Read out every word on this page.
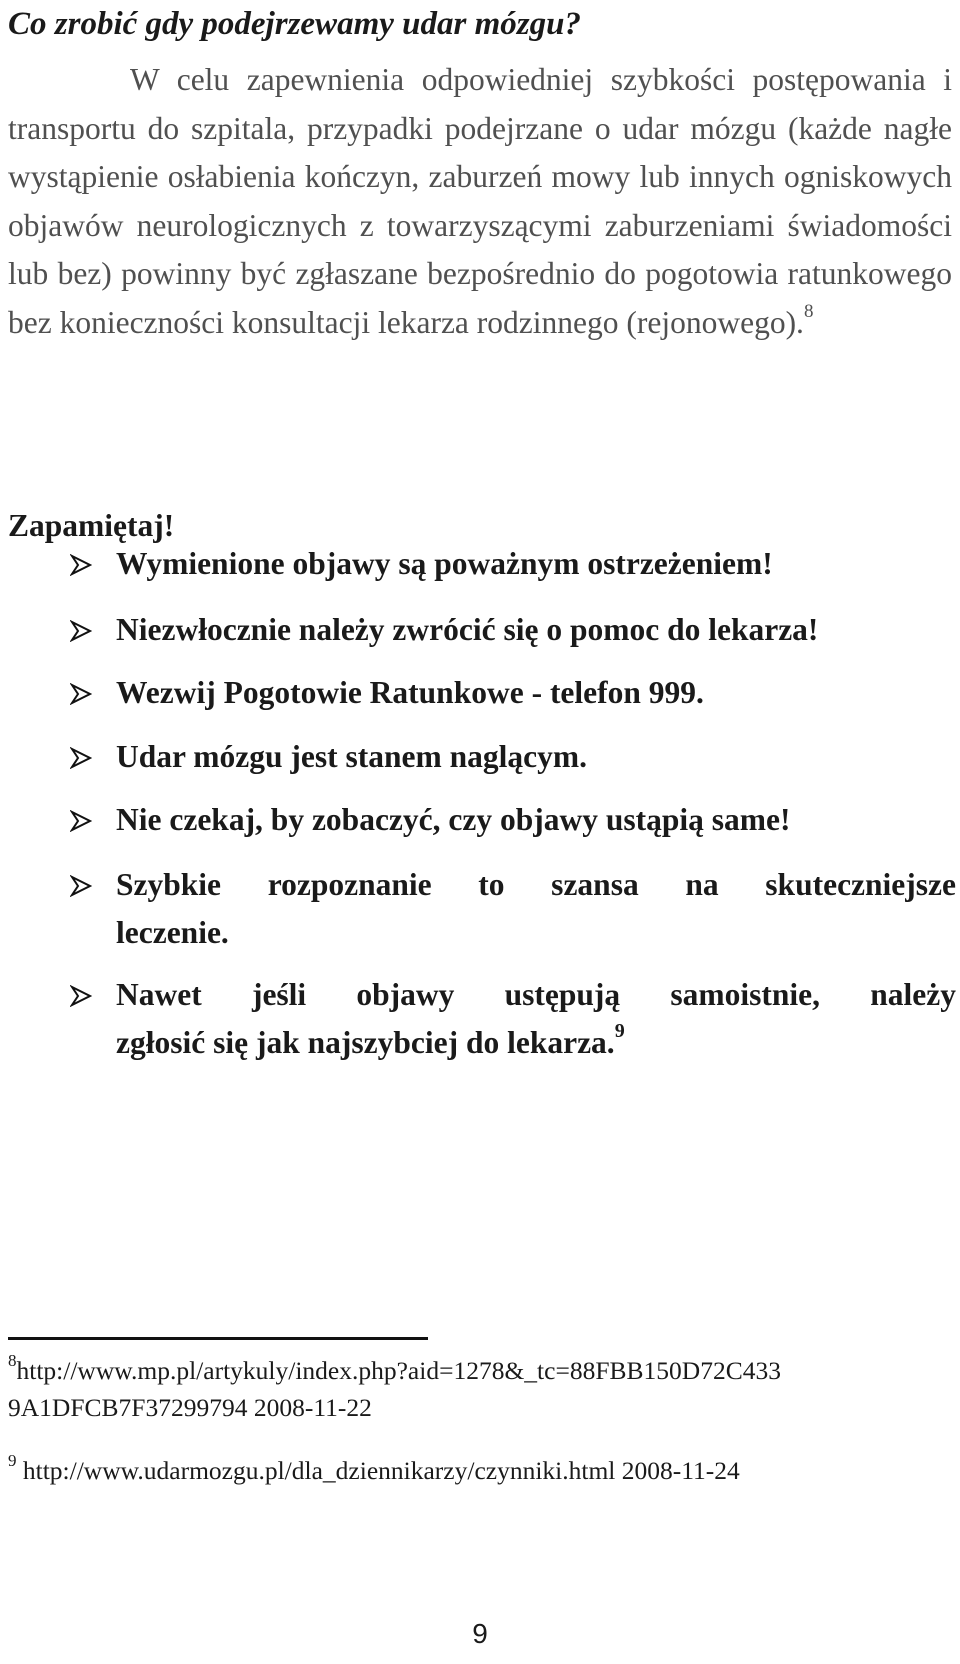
Co zrobić gdy podejrzewamy udar mózgu?

W celu zapewnienia odpowiedniej szybkości postępowania i transportu do szpitala, przypadki podejrzane o udar mózgu (każde nagłe wystąpienie osłabienia kończyn, zaburzeń mowy lub innych ogniskowych objawów neurologicznych z towarzyszącymi zaburzeniami świadomości lub bez) powinny być zgłaszane bezpośrednio do pogotowia ratunkowego bez konieczności konsultacji lekarza rodzinnego (rejonowego).$^8$

Zapamiętaj!

Wymienione objawy są poważnym ostrzeżeniem!
Niezwłocznie należy zwrócić się o pomoc do lekarza!
Wezwij Pogotowie Ratunkowe - telefon 999.
Udar mózgu jest stanem naglącym.
Nie czekaj, by zobaczyć, czy objawy ustąpią same!
Szybkie rozpoznanie to szansa na skuteczniejsze
leczenie.
Nawet jeśli objawy ustępują samoistnie, należy
zgłosić się jak najszybciej do lekarza.$^9$

$^8$http://www.mp.pl/artykuly/index.php?aid=1278&_tc=88FBB150D72C433
9A1DFCB7F37299794 2008-11-22

$^9$ http://www.udarmozgu.pl/dla_dziennikarzy/czynniki.html 2008-11-24

9
